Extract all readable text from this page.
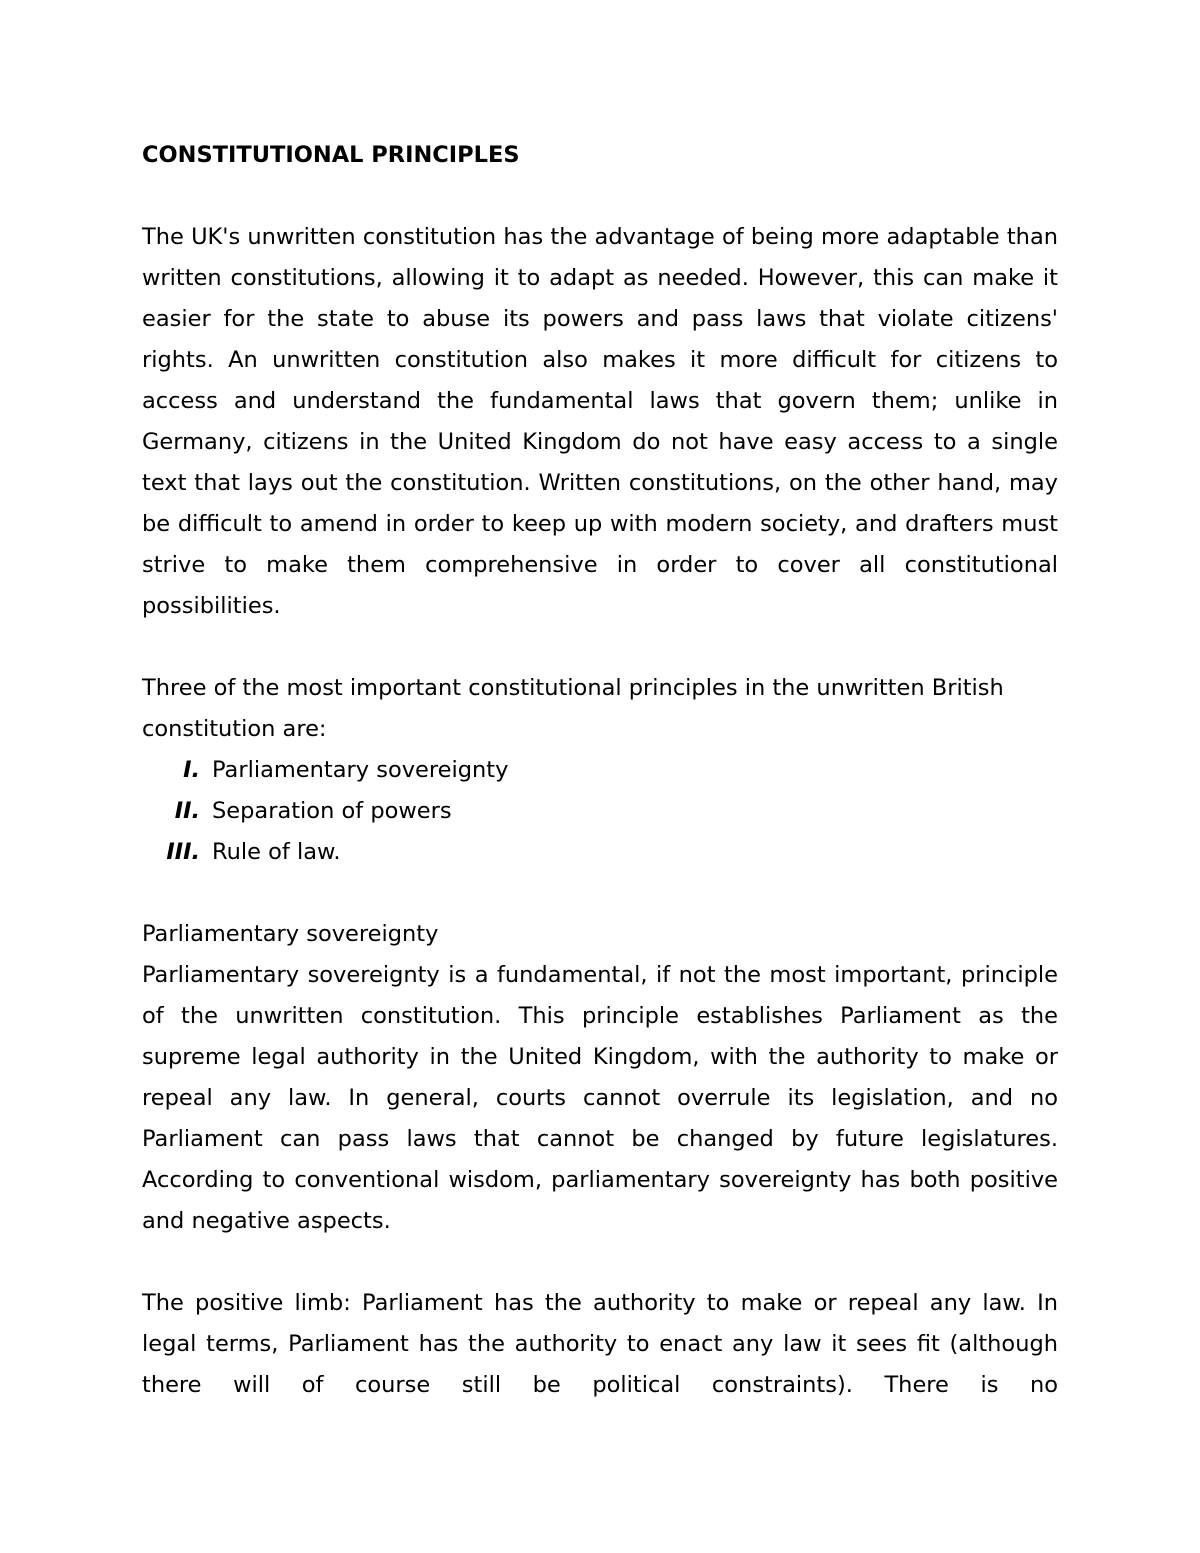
CONSTITUTIONAL PRINCIPLES

The UK's unwritten constitution has the advantage of being more adaptable than written constitutions, allowing it to adapt as needed. However, this can make it easier for the state to abuse its powers and pass laws that violate citizens' rights. An unwritten constitution also makes it more difficult for citizens to access and understand the fundamental laws that govern them; unlike in Germany, citizens in the United Kingdom do not have easy access to a single text that lays out the constitution. Written constitutions, on the other hand, may be difficult to amend in order to keep up with modern society, and drafters must strive to make them comprehensive in order to cover all constitutional possibilities.

Three of the most important constitutional principles in the unwritten British constitution are:

I. Parliamentary sovereignty
II. Separation of powers
III. Rule of law.

Parliamentary sovereignty

Parliamentary sovereignty is a fundamental, if not the most important, principle of the unwritten constitution. This principle establishes Parliament as the supreme legal authority in the United Kingdom, with the authority to make or repeal any law. In general, courts cannot overrule its legislation, and no Parliament can pass laws that cannot be changed by future legislatures. According to conventional wisdom, parliamentary sovereignty has both positive and negative aspects.

The positive limb: Parliament has the authority to make or repeal any law. In legal terms, Parliament has the authority to enact any law it sees fit (although there will of course still be political constraints). There is no
